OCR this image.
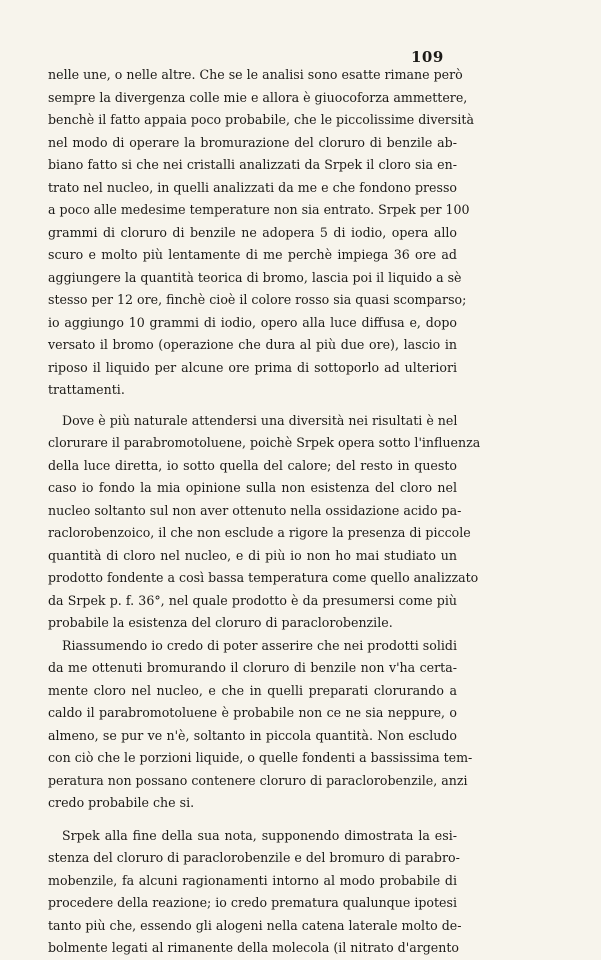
109
nelle une, o nelle altre. Che se le analisi sono esatte rimane però
sempre la divergenza colle mie e allora è giuocoforza ammettere,
benchè il fatto appaia poco probabile, che le piccolissime diversità
nel modo di operare la bromurazione del cloruro di benzile ab-
biano fatto si che nei cristalli analizzati da Srpek il cloro sia en-
trato nel nucleo, in quelli analizzati da me e che fondono presso
a poco alle medesime temperature non sia entrato. Srpek per 100
grammi di cloruro di benzile ne adopera 5 di iodio, opera allo
scuro e molto più lentamente di me perchè impiega 36 ore ad
aggiungere la quantità teorica di bromo, lascia poi il liquido a sè
stesso per 12 ore, finchè cioè il colore rosso sia quasi scomparso;
io aggiungo 10 grammi di iodio, opero alla luce diffusa e, dopo
versato il bromo (operazione che dura al più due ore), lascio in
riposo il liquido per alcune ore prima di sottoporlo ad ulteriori
trattamenti.
Dove è più naturale attendersi una diversità nei risultati è nel
clorurare il parabromotoluene, poichè Srpek opera sotto l'influenza
della luce diretta, io sotto quella del calore; del resto in questo
caso io fondo la mia opinione sulla non esistenza del cloro nel
nucleo soltanto sul non aver ottenuto nella ossidazione acido pa-
raclorobenzoico, il che non esclude a rigore la presenza di piccole
quantità di cloro nel nucleo, e di più io non ho mai studiato un
prodotto fondente a così bassa temperatura come quello analizzato
da Srpek p. f. 36°, nel quale prodotto è da presumersi come più
probabile la esistenza del cloruro di paraclorobenzile.
Riassumendo io credo di poter asserire che nei prodotti solidi
da me ottenuti bromurando il cloruro di benzile non v'ha certa-
mente cloro nel nucleo, e che in quelli preparati clorurando a
caldo il parabromotoluene è probabile non ce ne sia neppure, o
almeno, se pur ve n'è, soltanto in piccola quantità. Non escludo
con ciò che le porzioni liquide, o quelle fondenti a bassissima tem-
peratura non possano contenere cloruro di paraclorobenzile, anzi
credo probabile che si.
Srpek alla fine della sua nota, supponendo dimostrata la esi-
stenza del cloruro di paraclorobenzile e del bromuro di parabro-
mobenzile, fa alcuni ragionamenti intorno al modo probabile di
procedere della reazione; io credo prematura qualunque ipotesi
tanto più che, essendo gli alogeni nella catena laterale molto de-
bolmente legati al rimanente della molecola (il nitrato d'argento
